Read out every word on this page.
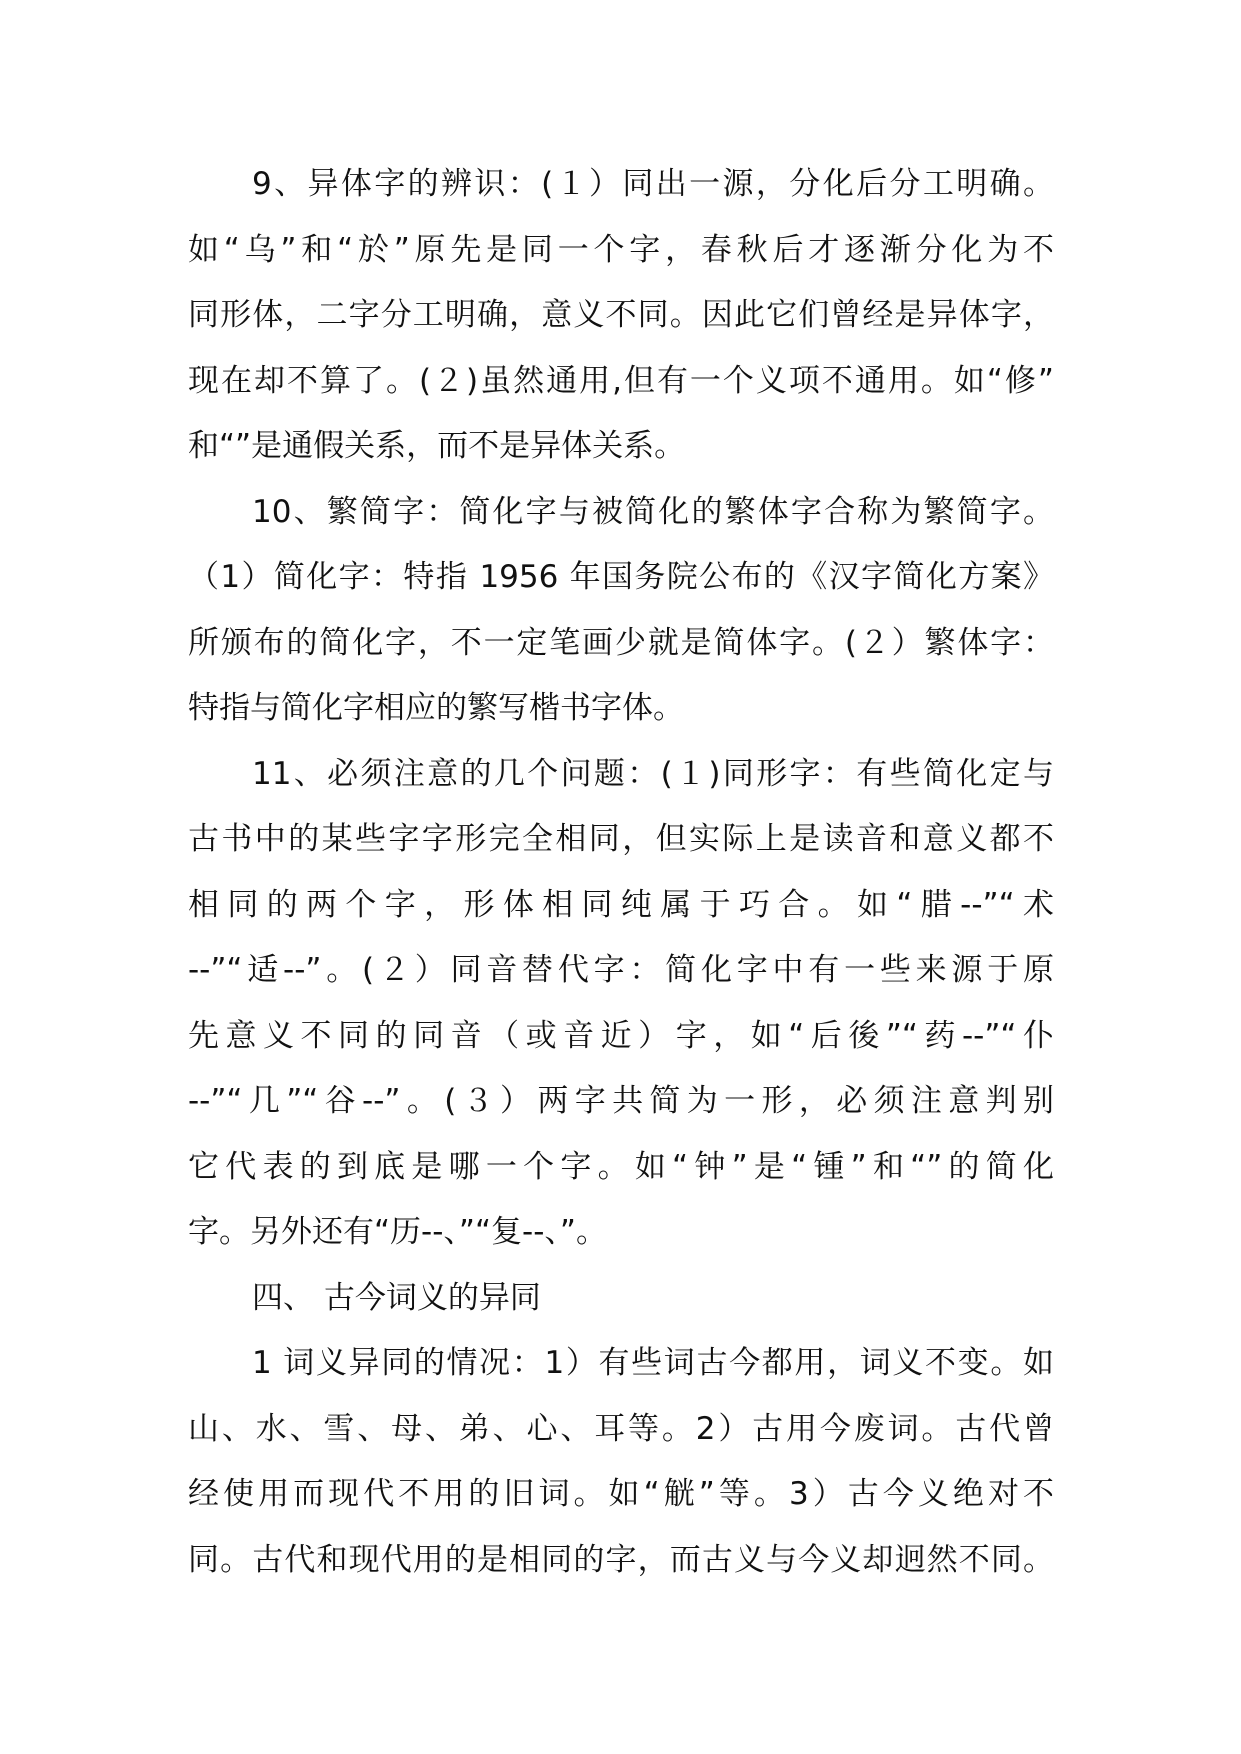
9、异体字的辨识：(１）同出一源，分化后分工明确。
如“乌”和“於”原先是同一个字，春秋后才逐渐分化为不
同形体，二字分工明确，意义不同。因此它们曾经是异体字，
现在却不算了。(２)虽然通用,但有一个义项不通用。如“修”
和“”是通假关系，而不是异体关系。
10、繁简字：简化字与被简化的繁体字合称为繁简字。
（1）简化字：特指 1956 年国务院公布的《汉字简化方案》
所颁布的简化字，不一定笔画少就是简体字。(２）繁体字：
特指与简化字相应的繁写楷书字体。
11、必须注意的几个问题：(１)同形字：有些简化定与
古书中的某些字字形完全相同，但实际上是读音和意义都不
相同的两个字，形体相同纯属于巧合。如“腊--”“术
--”“适--”。(２）同音替代字：简化字中有一些来源于原
先意义不同的同音（或音近）字，如“后後”“药--”“仆
--”“几”“谷--”。(３）两字共简为一形，必须注意判别
它代表的到底是哪一个字。如“钟”是“锺”和“”的简化
字。另外还有“历--、”“复--、”。
四、 古今词义的异同
1 词义异同的情况：1）有些词古今都用，词义不变。如
山、水、雪、母、弟、心、耳等。2）古用今废词。古代曾
经使用而现代不用的旧词。如“觥”等。3）古今义绝对不
同。古代和现代用的是相同的字，而古义与今义却迥然不同。
